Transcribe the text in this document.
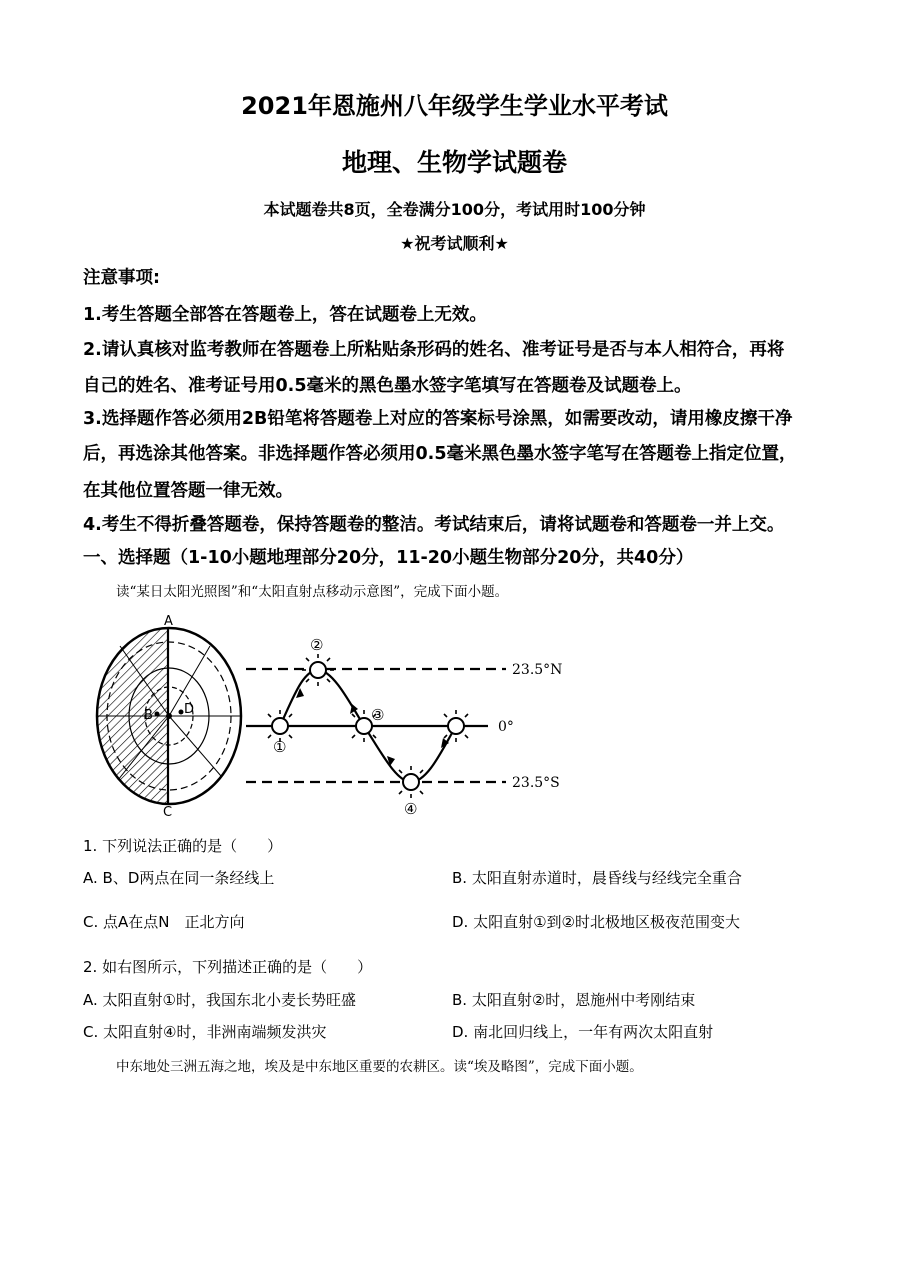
2021年恩施州八年级学生学业水平考试
地理、生物学试题卷
本试题卷共8页，全卷满分100分，考试用时100分钟
★祝考试顺利★
注意事项:
1.考生答题全部答在答题卷上，答在试题卷上无效。
2.请认真核对监考教师在答题卷上所粘贴条形码的姓名、准考证号是否与本人相符合，再将
自己的姓名、准考证号用0.5毫米的黑色墨水签字笔填写在答题卷及试题卷上。
3.选择题作答必须用2B铅笔将答题卷上对应的答案标号涂黑，如需要改动，请用橡皮擦干净
后，再选涂其他答案。非选择题作答必须用0.5毫米黑色墨水签字笔写在答题卷上指定位置，
在其他位置答题一律无效。
4.考生不得折叠答题卷，保持答题卷的整洁。考试结束后，请将试题卷和答题卷一并上交。
一、选择题（1-10小题地理部分20分，11-20小题生物部分20分，共40分）
读“某日太阳光照图”和“太阳直射点移动示意图”，完成下面小题。
A
B D
C
①
②
③
④
23.5°N
0°
23.5°S
1. 下列说法正确的是（　　）
A. B、D两点在同一条经线上	B. 太阳直射赤道时，晨昏线与经线完全重合
C. 点A在点N　正北方向	D. 太阳直射①到②时北极地区极夜范围变大
2. 如右图所示，下列描述正确的是（　　）
A. 太阳直射①时，我国东北小麦长势旺盛	B. 太阳直射②时，恩施州中考刚结束
C. 太阳直射④时，非洲南端频发洪灾	D. 南北回归线上，一年有两次太阳直射
中东地处三洲五海之地，埃及是中东地区重要的农耕区。读“埃及略图”，完成下面小题。
